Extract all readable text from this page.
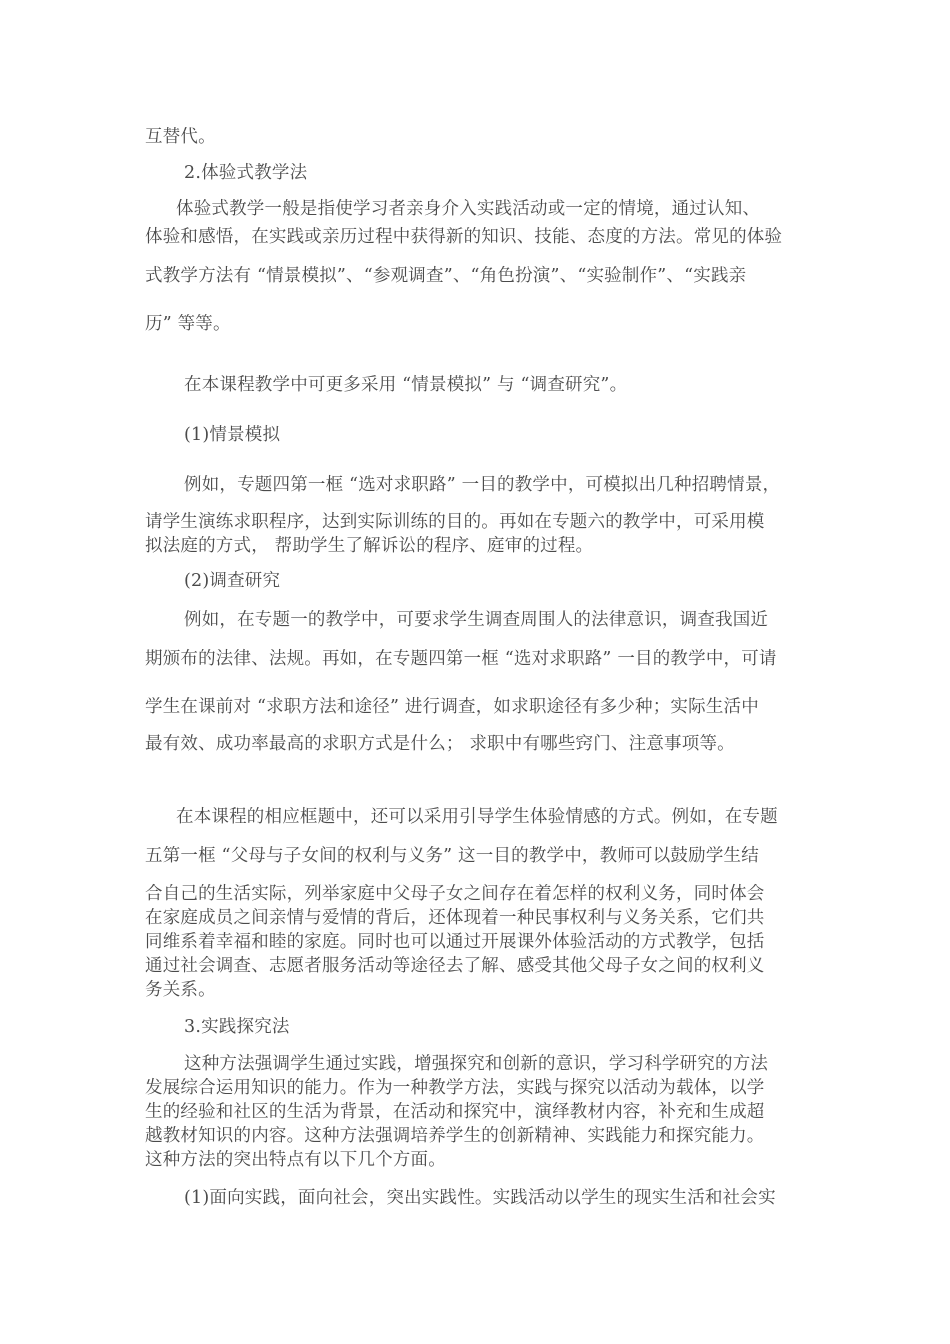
互替代。
2.体验式教学法
体验式教学一般是指使学习者亲身介入实践活动或一定的情境，通过认知、
体验和感悟，在实践或亲历过程中获得新的知识、技能、态度的方法。常见的体验
式教学方法有 “情景模拟”、“参观调查”、“角色扮演”、“实验制作”、“实践亲
历” 等等。
在本课程教学中可更多采用 “情景模拟” 与 “调查研究”。
(1)情景模拟
例如，专题四第一框 “选对求职路” 一目的教学中，可模拟出几种招聘情景，
请学生演练求职程序，达到实际训练的目的。再如在专题六的教学中，可采用模
拟法庭的方式， 帮助学生了解诉讼的程序、庭审的过程。
(2)调查研究
例如，在专题一的教学中，可要求学生调查周围人的法律意识，调查我国近
期颁布的法律、法规。再如，在专题四第一框 “选对求职路” 一目的教学中，可请
学生在课前对 “求职方法和途径” 进行调查，如求职途径有多少种；实际生活中
最有效、成功率最高的求职方式是什么； 求职中有哪些窍门、注意事项等。
在本课程的相应框题中，还可以采用引导学生体验情感的方式。例如，在专题
五第一框 “父母与子女间的权利与义务” 这一目的教学中，教师可以鼓励学生结
合自己的生活实际，列举家庭中父母子女之间存在着怎样的权利义务，同时体会
在家庭成员之间亲情与爱情的背后，还体现着一种民事权利与义务关系，它们共
同维系着幸福和睦的家庭。同时也可以通过开展课外体验活动的方式教学，包括
通过社会调查、志愿者服务活动等途径去了解、感受其他父母子女之间的权利义
务关系。
3.实践探究法
这种方法强调学生通过实践，增强探究和创新的意识，学习科学研究的方法
发展综合运用知识的能力。作为一种教学方法，实践与探究以活动为载体，以学
生的经验和社区的生活为背景，在活动和探究中，演绎教材内容，补充和生成超
越教材知识的内容。这种方法强调培养学生的创新精神、实践能力和探究能力。
这种方法的突出特点有以下几个方面。
(1)面向实践，面向社会，突出实践性。实践活动以学生的现实生活和社会实
